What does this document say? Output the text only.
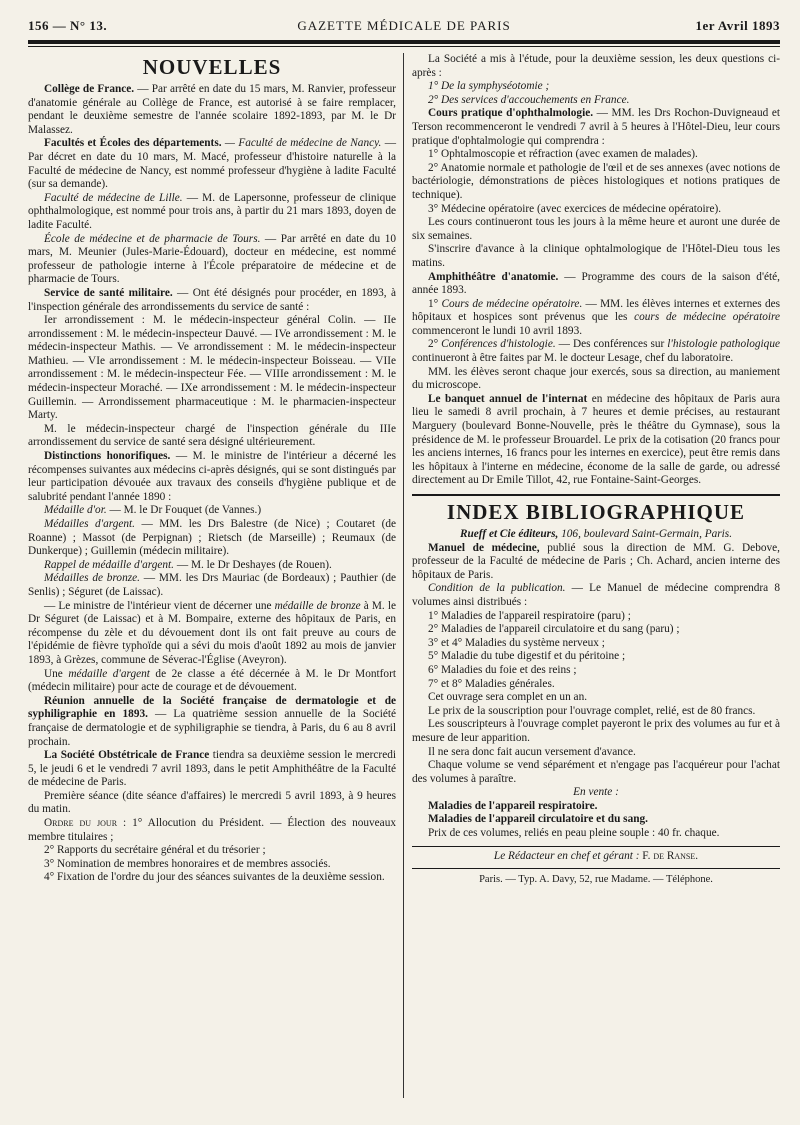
156 — N° 13.	GAZETTE MÉDICALE DE PARIS	1er Avril 1893
NOUVELLES

Collège de France. — Par arrêté en date du 15 mars, M. Ranvier, professeur d'anatomie générale au Collège de France, est autorisé à se faire remplacer, pendant le deuxième semestre de l'année scolaire 1892-1893, par M. le Dr Malassez.

Facultés et Écoles des départements. — Faculté de médecine de Nancy. — Par décret en date du 10 mars, M. Macé, professeur d'histoire naturelle à la Faculté de médecine de Nancy, est nommé professeur d'hygiène à ladite Faculté (sur sa demande).

Faculté de médecine de Lille. — M. de Lapersonne, professeur de clinique ophthalmologique, est nommé pour trois ans, à partir du 21 mars 1893, doyen de ladite Faculté.

École de médecine et de pharmacie de Tours. — Par arrêté en date du 10 mars, M. Meunier (Jules-Marie-Édouard), docteur en médecine, est nommé professeur de pathologie interne à l'École préparatoire de médecine et de pharmacie de Tours.

Service de santé militaire. — Ont été désignés pour procéder, en 1893, à l'inspection générale des arrondissements du service de santé :

Ier arrondissement : M. le médecin-inspecteur général Colin. — IIe arrondissement : M. le médecin-inspecteur Dauvé. — IVe arrondissement : M. le médecin-inspecteur Mathis. — Ve arrondissement : M. le médecin-inspecteur Mathieu. — VIe arrondissement : M. le médecin-inspecteur Boisseau. — VIIe arrondissement : M. le médecin-inspecteur Fée. — VIIIe arrondissement : M. le médecin-inspecteur Moraché. — IXe arrondissement : M. le médecin-inspecteur Guillemin. — Arrondissement pharmaceutique : M. le pharmacien-inspecteur Marty.

M. le médecin-inspecteur chargé de l'inspection générale du IIIe arrondissement du service de santé sera désigné ultérieurement.

Distinctions honorifiques. — M. le ministre de l'intérieur a décerné les récompenses suivantes aux médecins ci-après désignés, qui se sont distingués par leur participation dévouée aux travaux des conseils d'hygiène publique et de salubrité pendant l'année 1890 :

Médaille d'or. — M. le Dr Fouquet (de Vannes.)

Médailles d'argent. — MM. les Drs Balestre (de Nice) ; Coutaret (de Roanne) ; Massot (de Perpignan) ; Rietsch (de Marseille) ; Reumaux (de Dunkerque) ; Guillemin (médecin militaire).

Rappel de médaille d'argent. — M. le Dr Deshayes (de Rouen).

Médailles de bronze. — MM. les Drs Mauriac (de Bordeaux) ; Pauthier (de Senlis) ; Séguret (de Laissac).

— Le ministre de l'intérieur vient de décerner une médaille de bronze à M. le Dr Séguret (de Laissac) et à M. Bompaire, externe des hôpitaux de Paris, en récompense du zèle et du dévouement dont ils ont fait preuve au cours de l'épidémie de fièvre typhoïde qui a sévi du mois d'août 1892 au mois de janvier 1893, à Grèzes, commune de Séverac-l'Église (Aveyron).

Une médaille d'argent de 2e classe a été décernée à M. le Dr Montfort (médecin militaire) pour acte de courage et de dévouement.

Réunion annuelle de la Société française de dermatologie et de syphiligraphie en 1893. — La quatrième session annuelle de la Société française de dermatologie et de syphiligraphie se tiendra, à Paris, du 6 au 8 avril prochain.

La Société Obstétricale de France tiendra sa deuxième session le mercredi 5, le jeudi 6 et le vendredi 7 avril 1893, dans le petit Amphithéâtre de la Faculté de médecine de Paris.

Première séance (dite séance d'affaires) le mercredi 5 avril 1893, à 9 heures du matin.

Ordre du jour : 1° Allocution du Président. — Élection des nouveaux membre titulaires ;

2° Rapports du secrétaire général et du trésorier ;

3° Nomination de membres honoraires et de membres associés.

4° Fixation de l'ordre du jour des séances suivantes de la deuxième session.

La Société a mis à l'étude, pour la deuxième session, les deux questions ci-après :

1° De la symphyséotomie ;

2° Des services d'accouchements en France.

Cours pratique d'ophthalmologie. — MM. les Drs Rochon-Duvigneaud et Terson recommenceront le vendredi 7 avril à 5 heures à l'Hôtel-Dieu, leur cours pratique d'ophtalmologie qui comprendra :

1° Ophtalmoscopie et réfraction (avec examen de malades).

2° Anatomie normale et pathologie de l'œil et de ses annexes (avec notions de bactériologie, démonstrations de pièces histologiques et notions pratiques de technique).

3° Médecine opératoire (avec exercices de médecine opératoire).

Les cours continueront tous les jours à la même heure et auront une durée de six semaines.

S'inscrire d'avance à la clinique ophtalmologique de l'Hôtel-Dieu tous les matins.

Amphithéâtre d'anatomie. — Programme des cours de la saison d'été, année 1893.

1° Cours de médecine opératoire. — MM. les élèves internes et externes des hôpitaux et hospices sont prévenus que les cours de médecine opératoire commenceront le lundi 10 avril 1893.

2° Conférences d'histologie. — Des conférences sur l'histologie pathologique continueront à être faites par M. le docteur Lesage, chef du laboratoire.

MM. les élèves seront chaque jour exercés, sous sa direction, au maniement du microscope.

Le banquet annuel de l'internat en médecine des hôpitaux de Paris aura lieu le samedi 8 avril prochain, à 7 heures et demie précises, au restaurant Marguery (boulevard Bonne-Nouvelle, près le théâtre du Gymnase), sous la présidence de M. le professeur Brouardel. Le prix de la cotisation (20 francs pour les anciens internes, 16 francs pour les internes en exercice), peut être remis dans les hôpitaux à l'interne en médecine, économe de la salle de garde, ou adressé directement au Dr Emile Tillot, 42, rue Fontaine-Saint-Georges.

INDEX BIBLIOGRAPHIQUE

Rueff et Cie éditeurs, 106, boulevard Saint-Germain, Paris.

Manuel de médecine, publié sous la direction de MM. G. Debove, professeur de la Faculté de médecine de Paris ; Ch. Achard, ancien interne des hôpitaux de Paris.

Condition de la publication. — Le Manuel de médecine comprendra 8 volumes ainsi distribués :

1° Maladies de l'appareil respiratoire (paru) ;

2° Maladies de l'appareil circulatoire et du sang (paru) ;

3° et 4° Maladies du système nerveux ;

5° Maladie du tube digestif et du péritoine ;

6° Maladies du foie et des reins ;

7° et 8° Maladies générales.

Cet ouvrage sera complet en un an.

Le prix de la souscription pour l'ouvrage complet, relié, est de 80 francs.

Les souscripteurs à l'ouvrage complet payeront le prix des volumes au fur et à mesure de leur apparition.

Il ne sera donc fait aucun versement d'avance.

Chaque volume se vend séparément et n'engage pas l'acquéreur pour l'achat des volumes à paraître.

En vente :

Maladies de l'appareil respiratoire.

Maladies de l'appareil circulatoire et du sang.

Prix de ces volumes, reliés en peau pleine souple : 40 fr. chaque.

Le Rédacteur en chef et gérant : F. de Ranse.

Paris. — Typ. A. Davy, 52, rue Madame. — Téléphone.
